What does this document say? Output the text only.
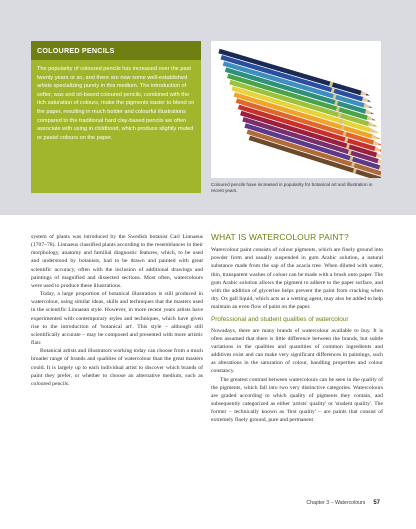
COLOURED PENCILS
The popularity of coloured pencils has increased over the past twenty years or so, and there are now some well-established artists specializing purely in this medium. The introduction of softer, wax and oil-based coloured pencils, combined with the rich saturation of colours, make the pigments easier to blend on the paper, resulting in much bolder and colourful illustrations compared to the traditional hard clay-based pencils we often associate with using in childhood, which produce slightly muted or pastel colours on the paper.
Coloured pencils have increased in popularity for botanical art and illustration in recent years.

system of plants was introduced by the Swedish botanist Carl Linnaeus (1707–78). Linnaeus classified plants according to the resemblances in their morphology, anatomy and familial diagnostic features, which, to be used and understood by botanists, had to be drawn and painted with great scientific accuracy, often with the inclusion of additional drawings and paintings of magnified and dissected sections. Most often, watercolours were used to produce these illustrations.

Today, a large proportion of botanical illustration is still produced in watercolour, using similar ideas, skills and techniques that the masters used in the scientific Linnaean style. However, in more recent years artists have experimented with contemporary styles and techniques, which have given rise to the introduction of 'botanical art'. This style – although still scientifically accurate – may be composed and presented with more artistic flair.

Botanical artists and illustrators working today can choose from a much broader range of brands and qualities of watercolour than the great masters could. It is largely up to each individual artist to discover which brands of paint they prefer, or whether to choose an alternative medium, such as coloured pencils.

WHAT IS WATERCOLOUR PAINT?

Watercolour paint consists of colour pigments, which are finely ground into powder form and usually suspended in gum Arabic solution, a natural substance made from the sap of the acacia tree. When diluted with water, thin, transparent washes of colour can be made with a brush onto paper. The gum Arabic solution allows the pigment to adhere to the paper surface, and with the addition of glycerine helps prevent the paint from cracking when dry. Ox gall liquid, which acts as a wetting agent, may also be added to help maintain an even flow of paint on the paper.

Professional and student qualities of watercolour

Nowadays, there are many brands of watercolour available to buy. It is often assumed that there is little difference between the brands, but subtle variations in the qualities and quantities of common ingredients and additives exist and can make very significant differences in paintings, such as alterations in the saturation of colour, handling properties and colour constancy.

The greatest contrast between watercolours can be seen in the quality of the pigments, which fall into two very distinctive categories. Watercolours are graded according to which quality of pigments they contain, and subsequently categorized as either 'artists' quality' or 'student quality'. The former – technically known as 'first quality' – are paints that consist of extremely finely ground, pure and permanent

Chapter 3 – Watercolours 57
